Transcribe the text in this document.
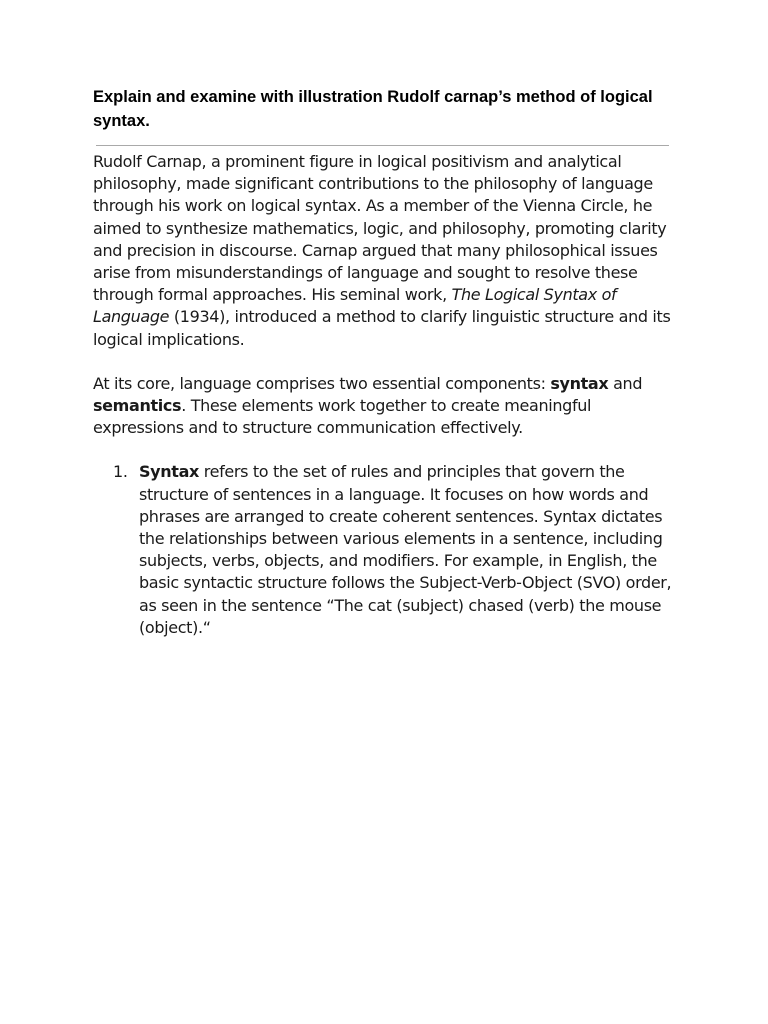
Explain and examine with illustration Rudolf carnap’s method of logical syntax.

Rudolf Carnap, a prominent figure in logical positivism and analytical philosophy, made significant contributions to the philosophy of language through his work on logical syntax. As a member of the Vienna Circle, he aimed to synthesize mathematics, logic, and philosophy, promoting clarity and precision in discourse. Carnap argued that many philosophical issues arise from misunderstandings of language and sought to resolve these through formal approaches. His seminal work, The Logical Syntax of Language (1934), introduced a method to clarify linguistic structure and its logical implications.

At its core, language comprises two essential components: syntax and semantics. These elements work together to create meaningful expressions and to structure communication effectively.

1. Syntax refers to the set of rules and principles that govern the structure of sentences in a language. It focuses on how words and phrases are arranged to create coherent sentences. Syntax dictates the relationships between various elements in a sentence, including subjects, verbs, objects, and modifiers. For example, in English, the basic syntactic structure follows the Subject-Verb-Object (SVO) order, as seen in the sentence “The cat (subject) chased (verb) the mouse (object).“
